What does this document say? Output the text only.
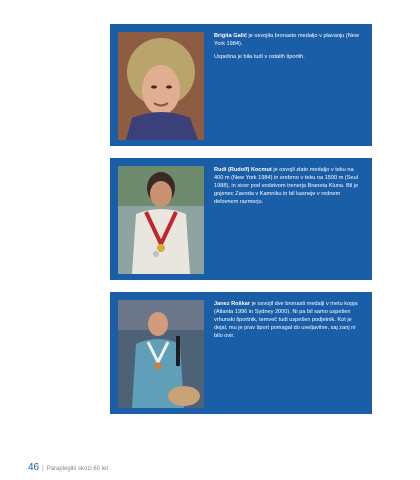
Brigita Galič je osvojila bronasto medaljo v plavanju (New York 1984).

Uspešna je bila tudi v ostalih športih.

Rudi (Rudolf) Kocmut je osvojil zlato medaljo v teku na 400 m (New York 1984) in srebrno v teku na 1500 m (Seul 1988), in sicer pod vodstvom trenerja Braneta Kluna. Bil je gojenec Zavoda v Kamniku in bil kasneje v rednem delovnem razmerju.

Janez Roškar je osvojil dve bronasti medalji v metu kopja (Atlanta 1996 in Sydney 2000). Ni pa bil samo uspešen vrhunski športnik, temveč tudi uspešen podjetnik. Kot je dejal, mu je prav šport pomagal do uveljavitve, saj zanj ni bilo ovir.

46 | Paraplegiki skozi 60 let
